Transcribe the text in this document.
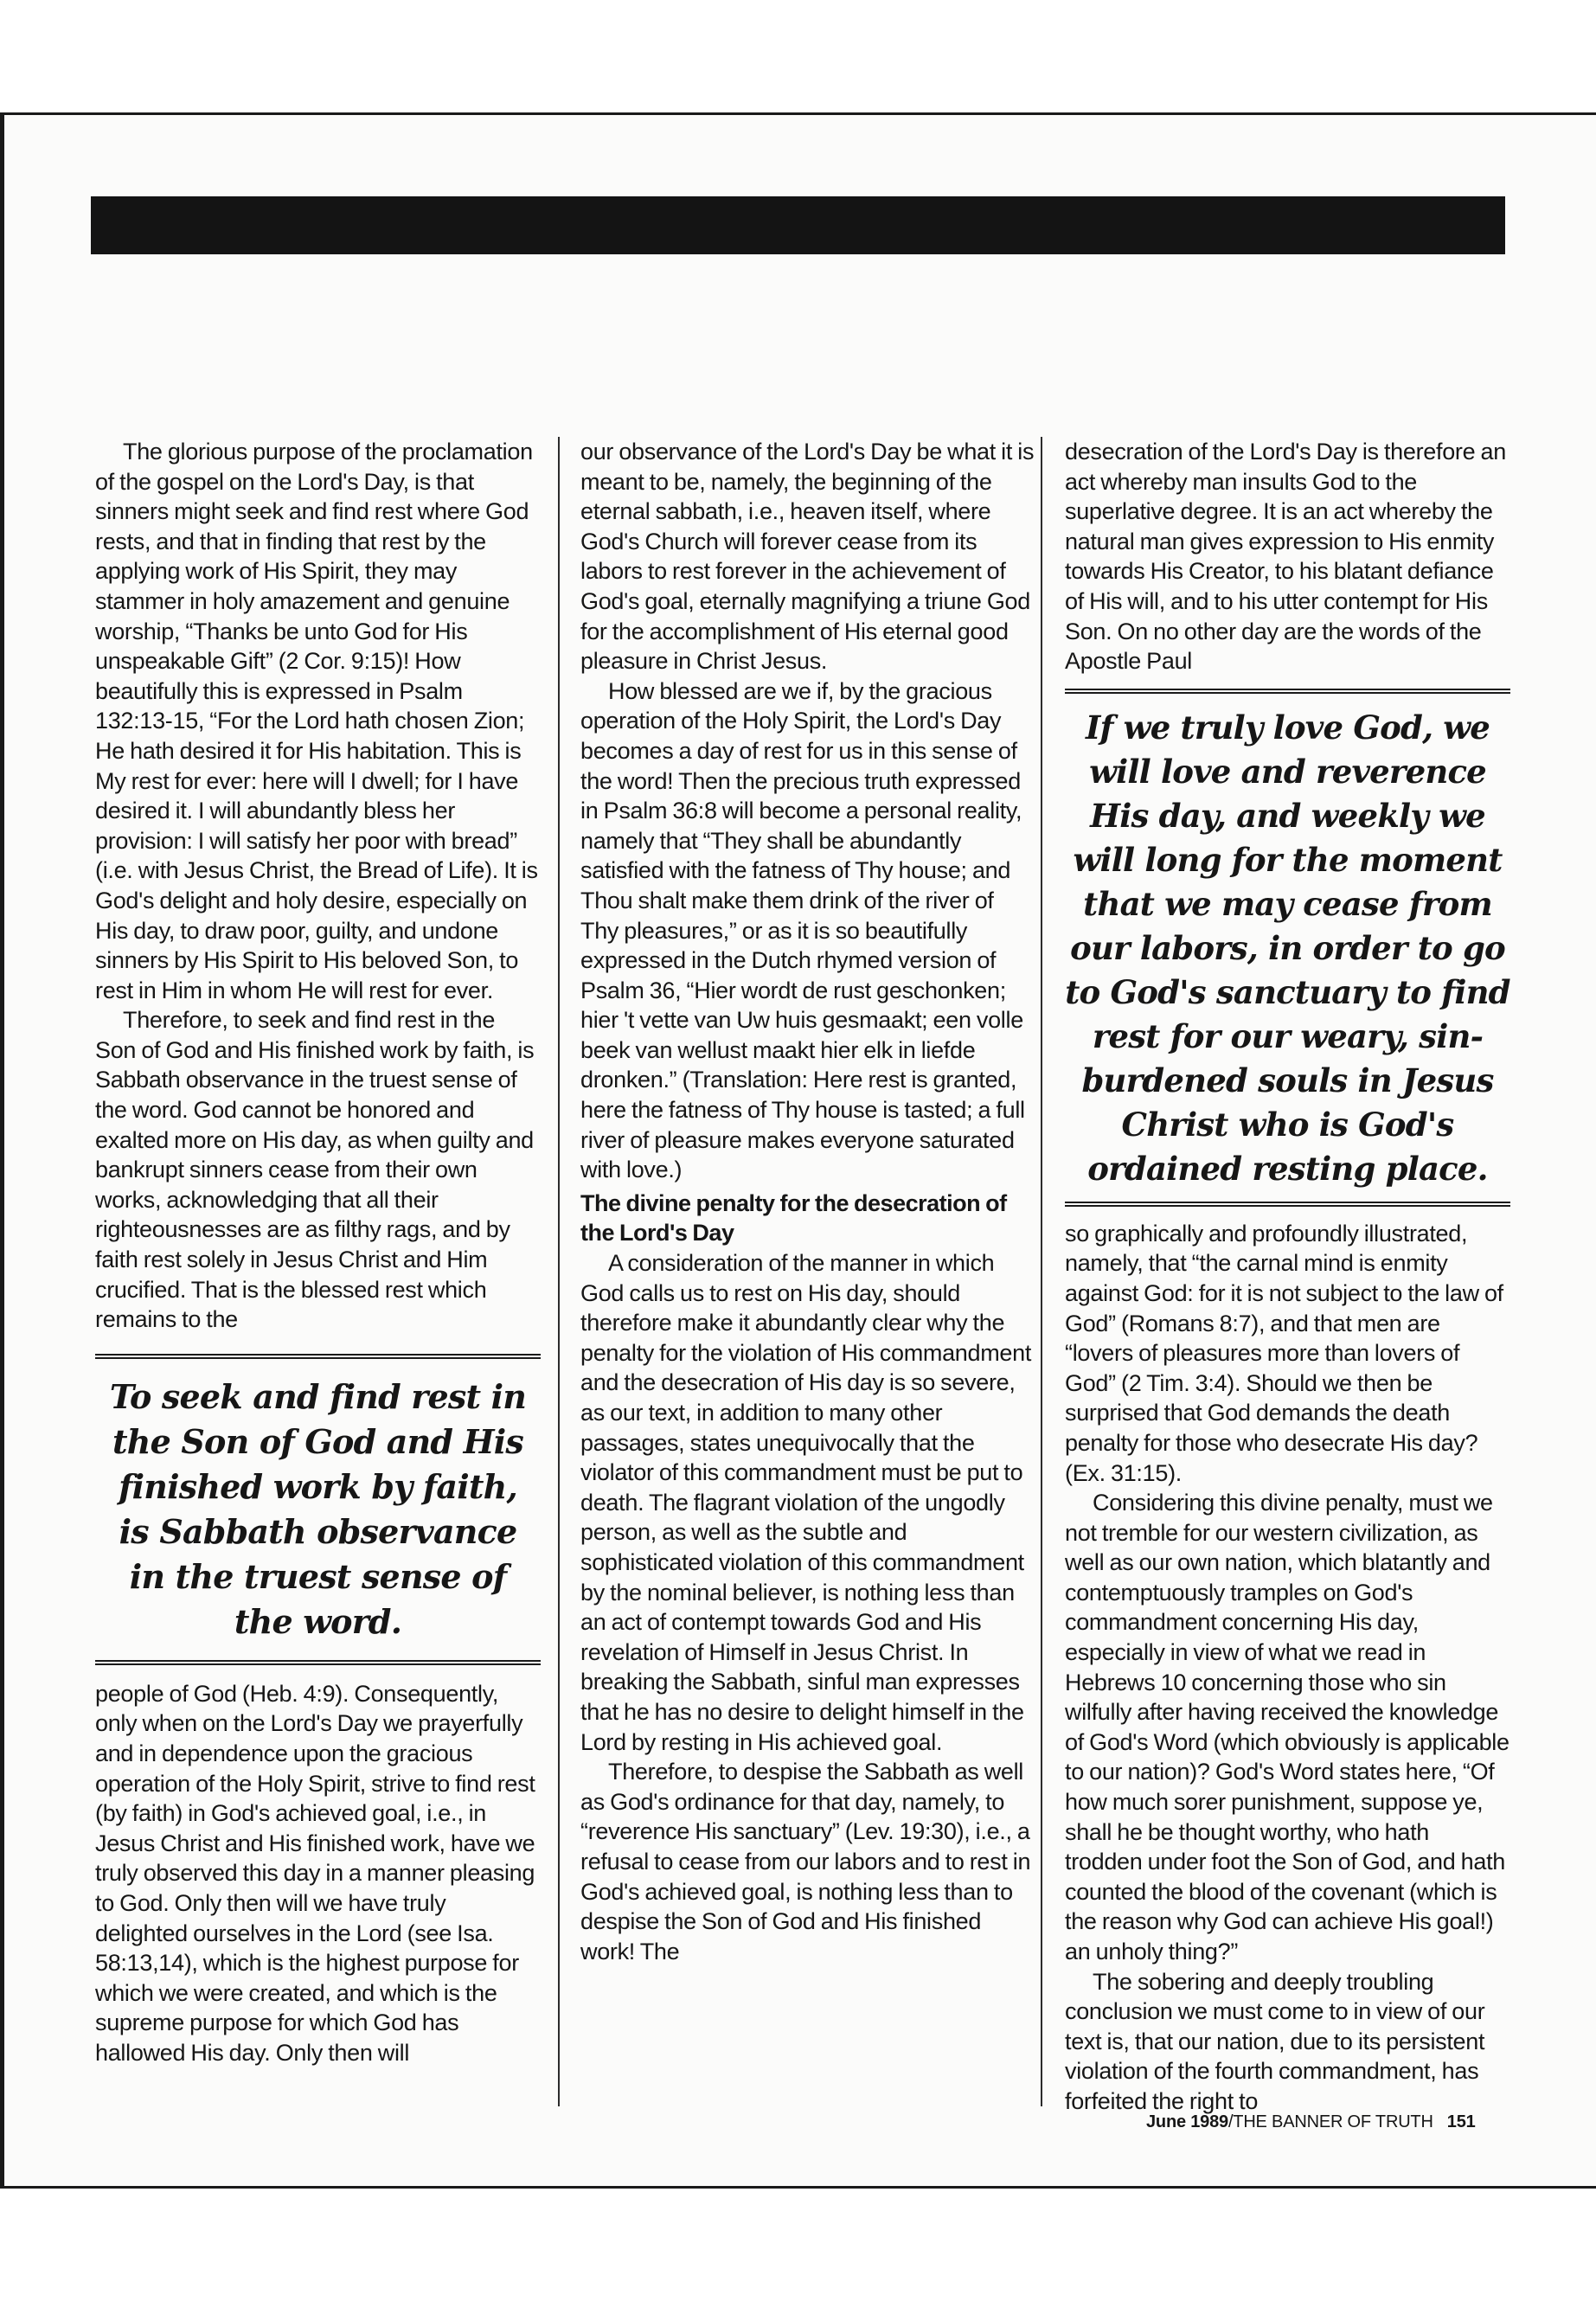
The glorious purpose of the proclamation of the gospel on the Lord's Day, is that sinners might seek and find rest where God rests, and that in finding that rest by the applying work of His Spirit, they may stammer in holy amazement and genuine worship, “Thanks be unto God for His unspeakable Gift” (2 Cor. 9:15)! How beautifully this is expressed in Psalm 132:13-15, “For the Lord hath chosen Zion; He hath desired it for His habitation. This is My rest for ever: here will I dwell; for I have desired it. I will abundantly bless her provision: I will satisfy her poor with bread” (i.e. with Jesus Christ, the Bread of Life). It is God's delight and holy desire, especially on His day, to draw poor, guilty, and undone sinners by His Spirit to His beloved Son, to rest in Him in whom He will rest for ever.

Therefore, to seek and find rest in the Son of God and His finished work by faith, is Sabbath observance in the truest sense of the word. God cannot be honored and exalted more on His day, as when guilty and bankrupt sinners cease from their own works, acknowledging that all their righteousnesses are as filthy rags, and by faith rest solely in Jesus Christ and Him crucified. That is the blessed rest which remains to the

To seek and find rest in the Son of God and His finished work by faith, is Sabbath observance in the truest sense of the word.

people of God (Heb. 4:9). Consequently, only when on the Lord's Day we prayerfully and in dependence upon the gracious operation of the Holy Spirit, strive to find rest (by faith) in God's achieved goal, i.e., in Jesus Christ and His finished work, have we truly observed this day in a manner pleasing to God. Only then will we have truly delighted ourselves in the Lord (see Isa. 58:13,14), which is the highest purpose for which we were created, and which is the supreme purpose for which God has hallowed His day. Only then will

our observance of the Lord's Day be what it is meant to be, namely, the beginning of the eternal sabbath, i.e., heaven itself, where God's Church will forever cease from its labors to rest forever in the achievement of God's goal, eternally magnifying a triune God for the accomplishment of His eternal good pleasure in Christ Jesus.

How blessed are we if, by the gracious operation of the Holy Spirit, the Lord's Day becomes a day of rest for us in this sense of the word! Then the precious truth expressed in Psalm 36:8 will become a personal reality, namely that “They shall be abundantly satisfied with the fatness of Thy house; and Thou shalt make them drink of the river of Thy pleasures,” or as it is so beautifully expressed in the Dutch rhymed version of Psalm 36, “Hier wordt de rust geschonken; hier 't vette van Uw huis gesmaakt; een volle beek van wellust maakt hier elk in liefde dronken.” (Translation: Here rest is granted, here the fatness of Thy house is tasted; a full river of pleasure makes everyone saturated with love.)

The divine penalty for the desecration of the Lord's Day

A consideration of the manner in which God calls us to rest on His day, should therefore make it abundantly clear why the penalty for the violation of His commandment and the desecration of His day is so severe, as our text, in addition to many other passages, states unequivocally that the violator of this commandment must be put to death. The flagrant violation of the ungodly person, as well as the subtle and sophisticated violation of this commandment by the nominal believer, is nothing less than an act of contempt towards God and His revelation of Himself in Jesus Christ. In breaking the Sabbath, sinful man expresses that he has no desire to delight himself in the Lord by resting in His achieved goal.

Therefore, to despise the Sabbath as well as God's ordinance for that day, namely, to “reverence His sanctuary” (Lev. 19:30), i.e., a refusal to cease from our labors and to rest in God's achieved goal, is nothing less than to despise the Son of God and His finished work! The

desecration of the Lord's Day is therefore an act whereby man insults God to the superlative degree. It is an act whereby the natural man gives expression to His enmity towards His Creator, to his blatant defiance of His will, and to his utter contempt for His Son. On no other day are the words of the Apostle Paul

If we truly love God, we will love and reverence His day, and weekly we will long for the moment that we may cease from our labors, in order to go to God's sanctuary to find rest for our weary, sin-burdened souls in Jesus Christ who is God's ordained resting place.

so graphically and profoundly illustrated, namely, that “the carnal mind is enmity against God: for it is not subject to the law of God” (Romans 8:7), and that men are “lovers of pleasures more than lovers of God” (2 Tim. 3:4). Should we then be surprised that God demands the death penalty for those who desecrate His day? (Ex. 31:15).

Considering this divine penalty, must we not tremble for our western civilization, as well as our own nation, which blatantly and contemptuously tramples on God's commandment concerning His day, especially in view of what we read in Hebrews 10 concerning those who sin wilfully after having received the knowledge of God's Word (which obviously is applicable to our nation)? God's Word states here, “Of how much sorer punishment, suppose ye, shall he be thought worthy, who hath trodden under foot the Son of God, and hath counted the blood of the covenant (which is the reason why God can achieve His goal!) an unholy thing?”

The sobering and deeply troubling conclusion we must come to in view of our text is, that our nation, due to its persistent violation of the fourth commandment, has forfeited the right to

June 1989/THE BANNER OF TRUTH 151
